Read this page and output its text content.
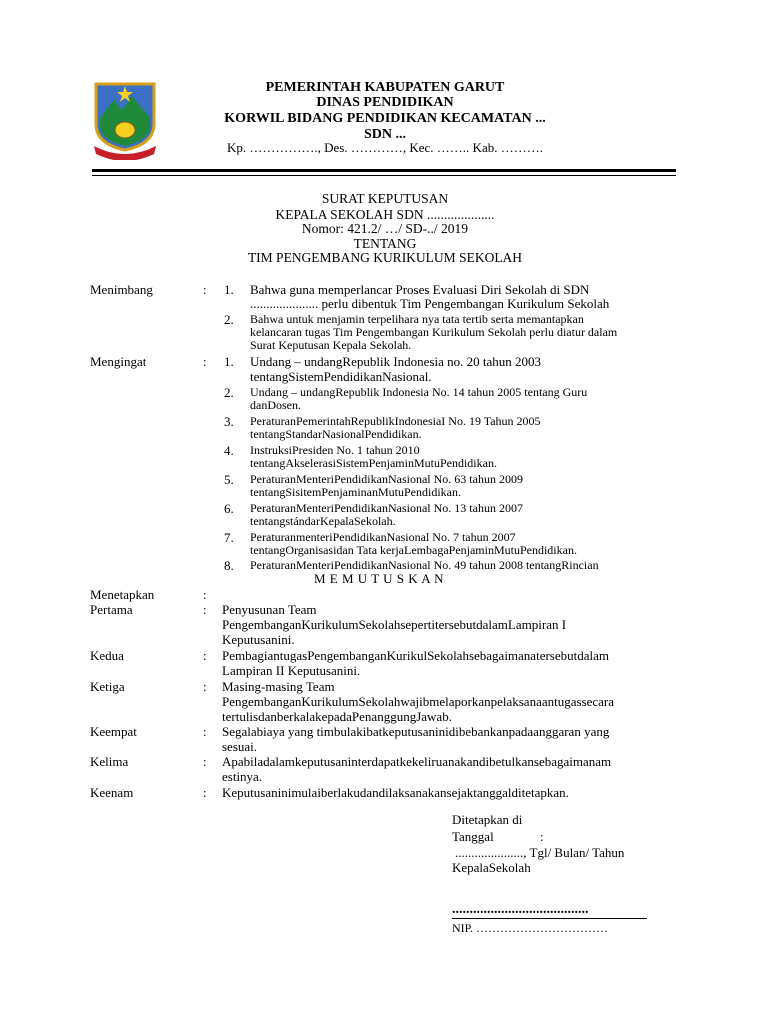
PEMERINTAH KABUPATEN GARUT
DINAS PENDIDIKAN
KORWIL BIDANG PENDIDIKAN KECAMATAN ...
SDN ...
Kp. ……………., Des. …………, Kec. …….. Kab. ……….
SURAT KEPUTUSAN
KEPALA SEKOLAH SDN ....................
Nomor: 421.2/ …/ SD-../ 2019
TENTANG
TIM PENGEMBANG KURIKULUM SEKOLAH
Menimbang	: 1. Bahwa guna memperlancar Proses Evaluasi Diri Sekolah di SDN
..................... perlu dibentuk Tim Pengembangan Kurikulum Sekolah
2. Bahwa untuk menjamin terpelihara nya tata tertib serta memantapkan
kelancaran tugas Tim Pengembangan Kurikulum Sekolah perlu diatur dalam
Surat Keputusan Kepala Sekolah.
Mengingat	: 1. Undang – undangRepublik Indonesia no. 20 tahun 2003
tentangSistemPendidikanNasional.
2. Undang – undangRepublik Indonesia No. 14 tahun 2005 tentang Guru
danDosen.
3. PeraturanPemerintahRepublikIndonesiaI No. 19 Tahun 2005
tentangStandarNasionalPendidikan.
4. InstruksiPresiden No. 1 tahun 2010
tentangAkselerasiSistemPenjaminMutuPendidikan.
5. PeraturanMenteriPendidikanNasional No. 63 tahun 2009
tentangSisitemPenjaminanMutuPendidikan.
6. PeraturanMenteriPendidikanNasional No. 13 tahun 2007
tentangstándarKepalaSekolah.
7. PeraturanmenteriPendidikanNasional No. 7 tahun 2007
tentangOrganisasidan Tata kerjaLembagaPenjaminMutuPendidikan.
8. PeraturanMenteriPendidikanNasional No. 49 tahun 2008 tentangRincian
M E M U T U S K A N
Menetapkan	:
Pertama	: Penyusunan Team
PengembanganKurikulumSekolahsepertitersebutdalamLampiran I
Keputusanini.
Kedua	: PembagiantugasPengembanganKurikulSekolahsebagaimanatersebutdalam
Lampiran II Keputusanini.
Ketiga	: Masing-masing Team
PengembanganKurikulumSekolahwajibmelaporkanpelaksanaantugassecara
tertulisdanberkalakepadaPenanggungJawab.
Keempat	: Segalabiaya yang timbulakibatkeputusaninidibebankanpadaanggaran yang
sesuai.
Kelima	: Apabiladalamkeputusaninterdapatkekeliruanakandibetulkansebagaimanam
estinya.
Keenam	: Keputusaninimulaiberlakudandilaksanakansejaktanggalditetapkan.
Ditetapkan di
Tanggal	:
....................., Tgl/ Bulan/ Tahun
KepalaSekolah
.......................................
NIP. ……………………………
